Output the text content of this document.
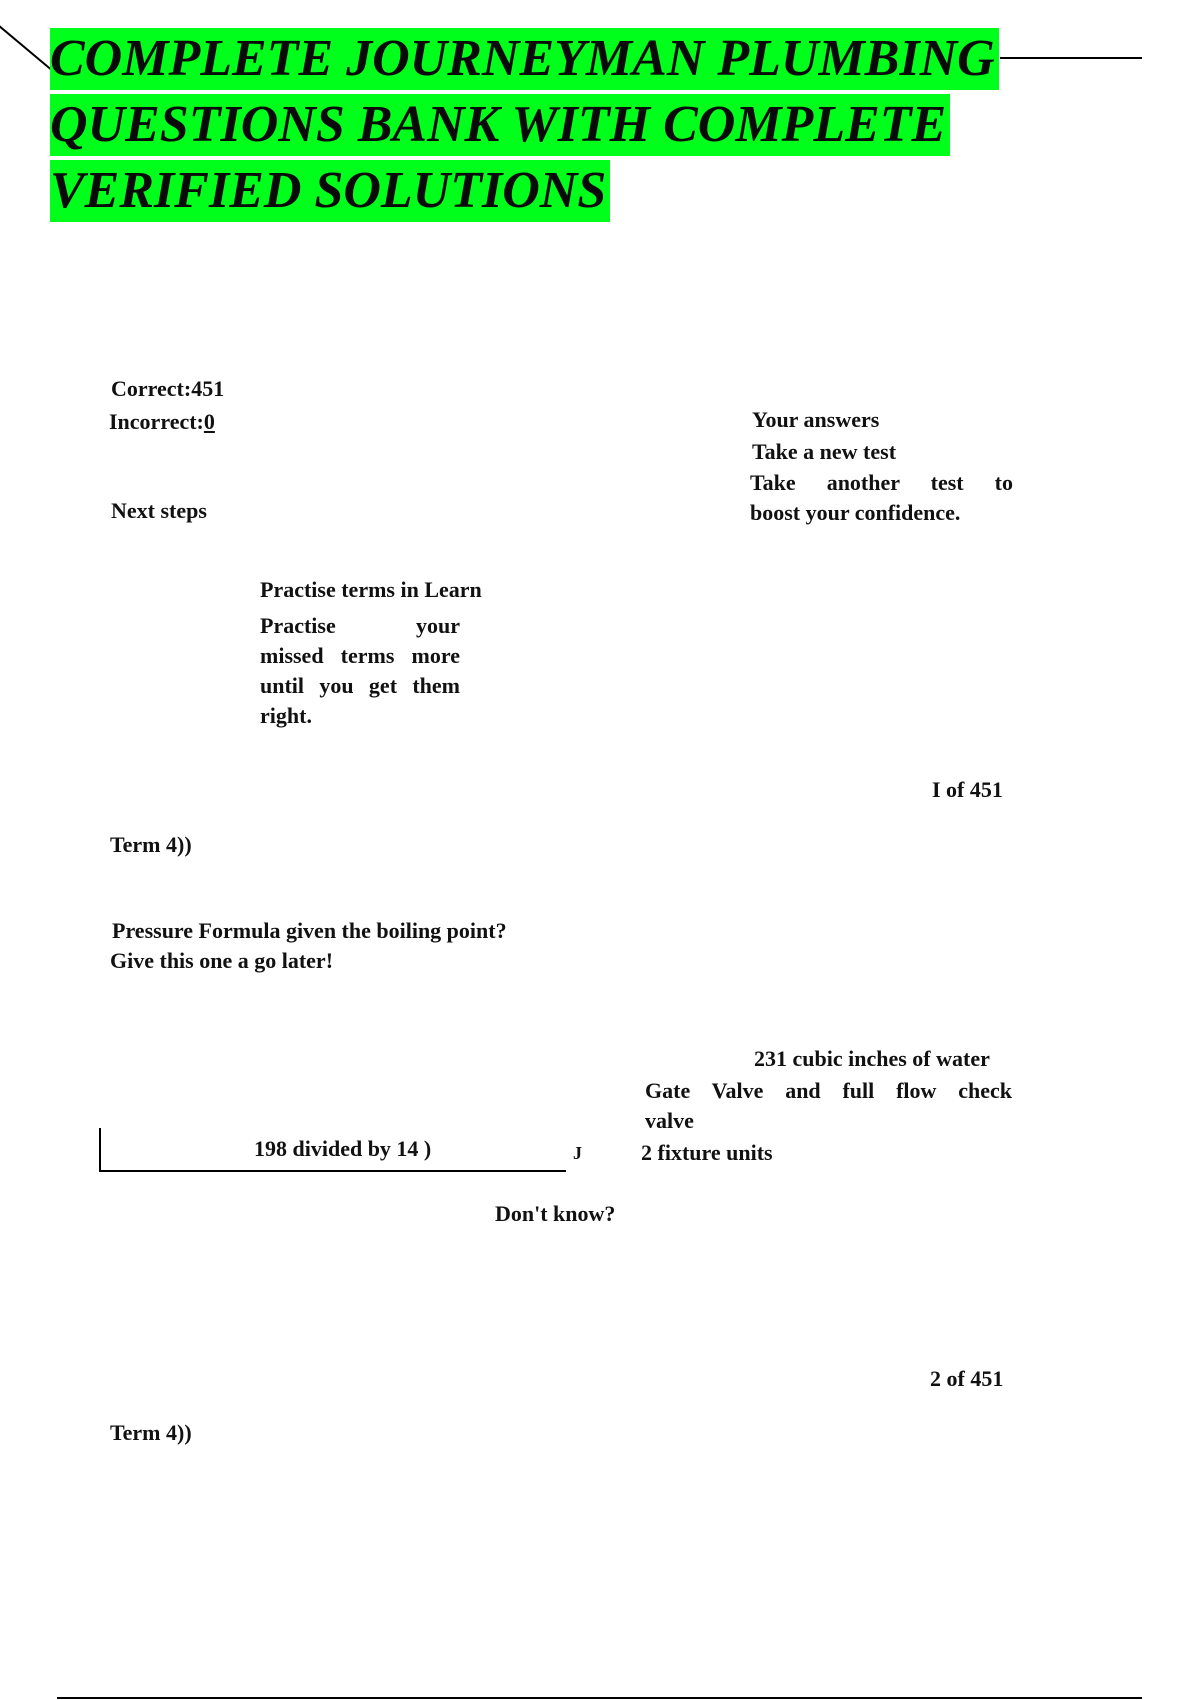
COMPLETE JOURNEYMAN PLUMBING
QUESTIONS BANK WITH COMPLETE
VERIFIED SOLUTIONS
Correct:451
Incorrect:0
Next steps
Your answers
Take a new test
Take another test to
boost your confidence.
Practise terms in Learn
Practise your
missed terms more
until you get them
right.
I of 451
Term 4))
Pressure Formula given the boiling point?
Give this one a go later!
231 cubic inches of water
Gate Valve and full flow check
valve
198 divided by 14 )	J	2 fixture units
Don't know?
2 of 451
Term 4))
